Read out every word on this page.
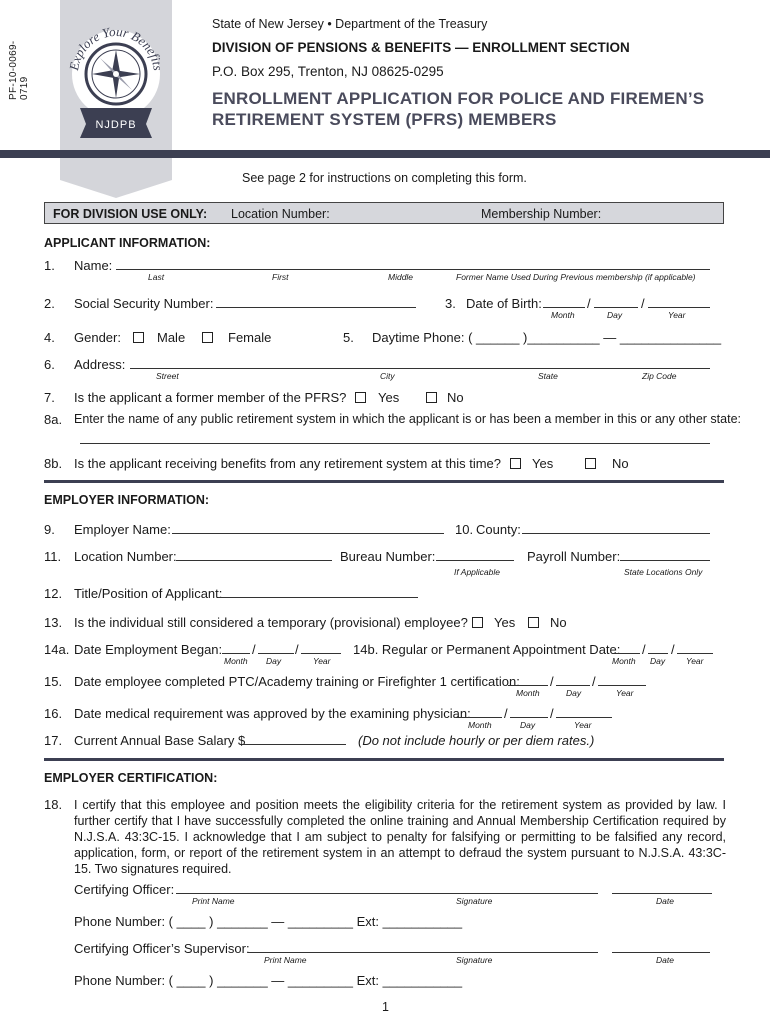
PF-10-0069-0719
Explore Your Benefits
NJDPB
State of New Jersey • Department of the Treasury
DIVISION OF PENSIONS & BENEFITS — ENROLLMENT SECTION
P.O. Box 295, Trenton, NJ 08625-0295
ENROLLMENT APPLICATION FOR POLICE AND FIREMEN’S
RETIREMENT SYSTEM (PFRS) MEMBERS
See page 2 for instructions on completing this form.
FOR DIVISION USE ONLY: Location Number:	Membership Number:
APPLICANT INFORMATION:
1. Name:
Last	First	Middle	Former Name Used During Previous membership (if applicable)
2. Social Security Number:	3. Date of Birth:	/	/
Month	Day	Year
4. Gender:	Male	Female	5. Daytime Phone: ( ______ )__________ — ______________
6. Address:
Street	City	State	Zip Code
7. Is the applicant a former member of the PFRS? Yes	No
8a. Enter the name of any public retirement system in which the applicant is or has been a member in this or any other state:
8b. Is the applicant receiving benefits from any retirement system at this time? Yes	No
EMPLOYER INFORMATION:
9. Employer Name:	10. County:
11. Location Number:	Bureau Number:	Payroll Number:
If Applicable	State Locations Only
12. Title/Position of Applicant:
13. Is the individual still considered a temporary (provisional) employee? Yes	No
14a. Date Employment Began: /	/
Month Day	Year
14b. Regular or Permanent Appointment Date: / /
Month Day Year
15. Date employee completed PTC/Academy training or Firefighter 1 certification: /	/
Month	Day	Year
16. Date medical requirement was approved by the examining physician:	/	/
Month	Day	Year
17. Current Annual Base Salary $	(Do not include hourly or per diem rates.)
EMPLOYER CERTIFICATION:
18. I certify that this employee and position meets the eligibility criteria for the retirement system as provided by law. I further certify that I have successfully completed the online training and Annual Membership Certification required by N.J.S.A. 43:3C-15. I acknowledge that I am subject to penalty for falsifying or permitting to be falsified any record, application, form, or report of the retirement system in an attempt to defraud the system pursuant to N.J.S.A. 43:3C-15. Two signatures required.
Certifying Officer:
Print Name	Signature	Date
Phone Number: ( ____ ) _______ — _________ Ext: ___________
Certifying Officer’s Supervisor:
Print Name	Signature	Date
Phone Number: ( ____ ) _______ — _________ Ext: ___________
1
